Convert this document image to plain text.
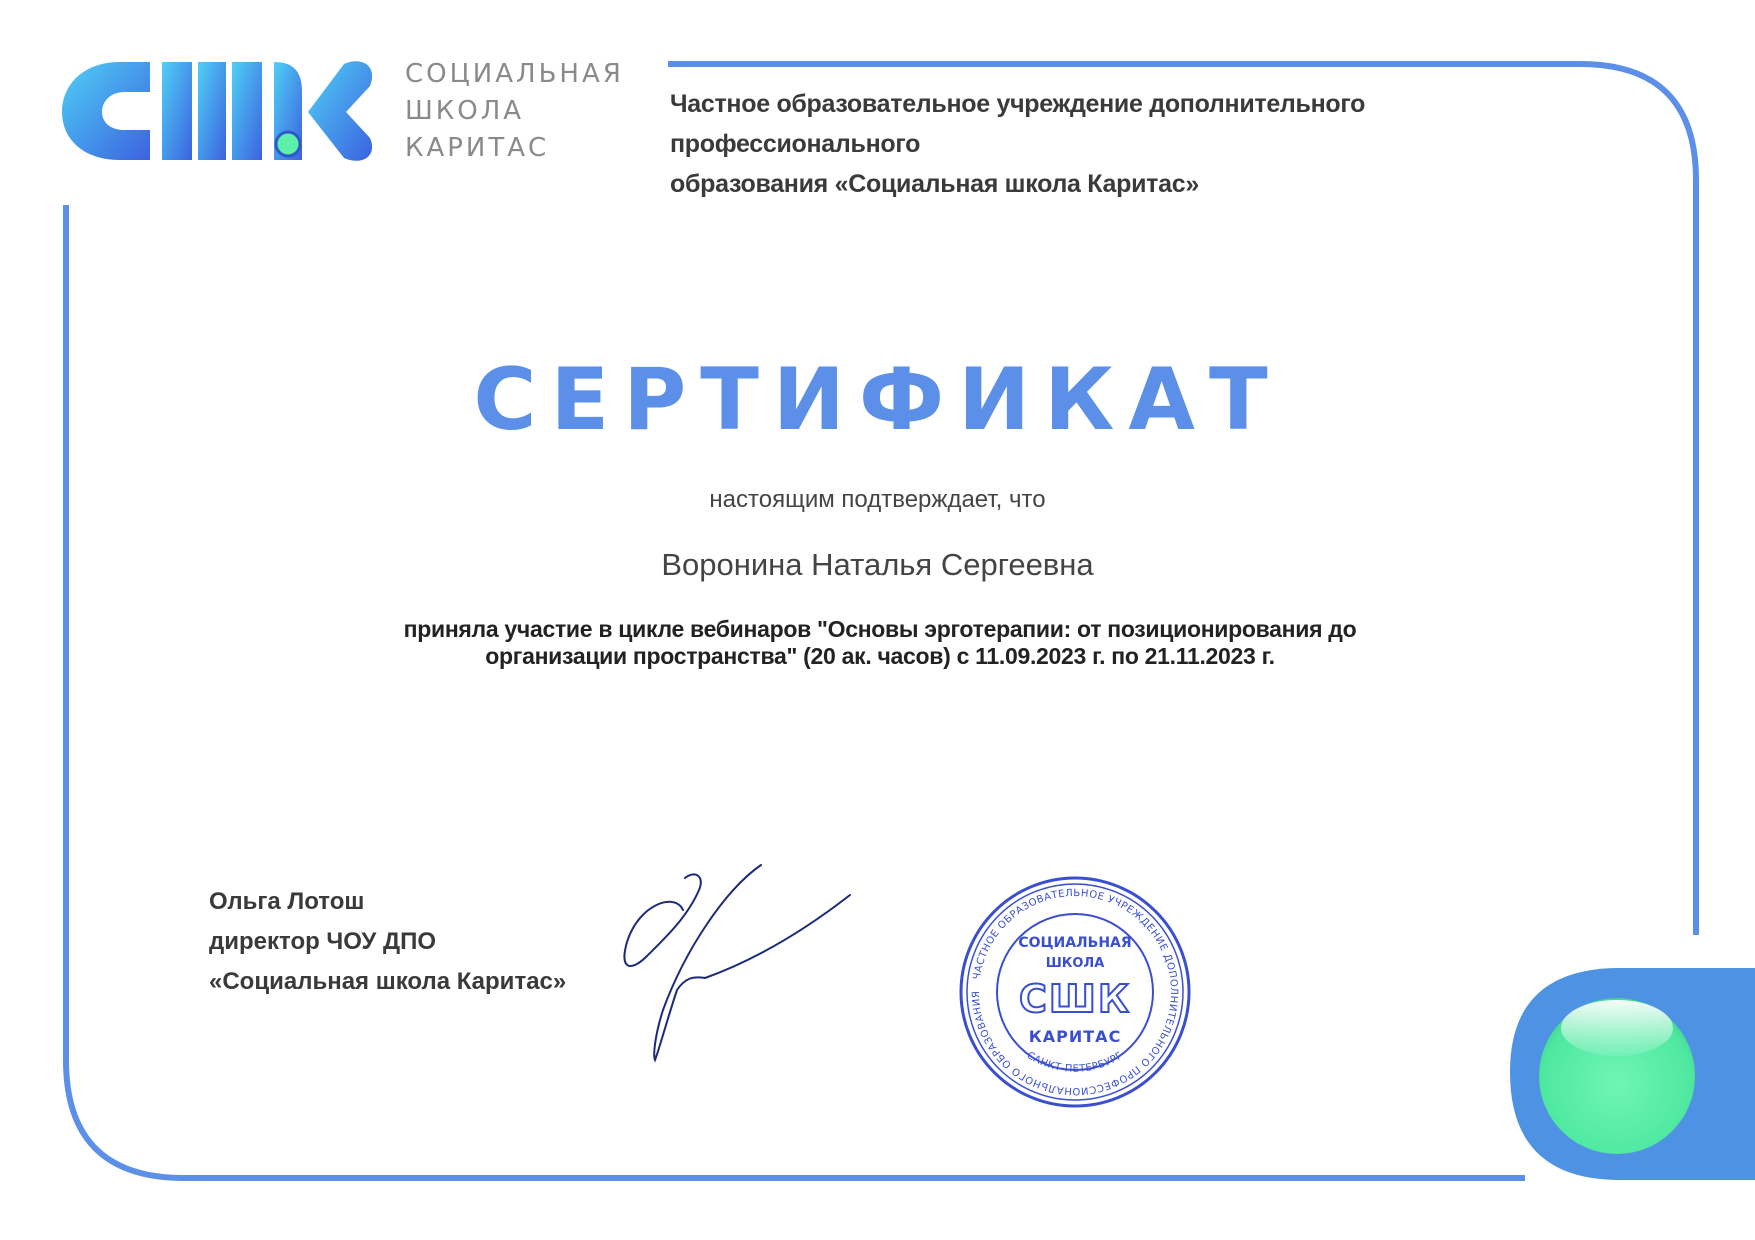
СОЦИАЛЬНАЯ
ШКОЛА
КАРИТАС
Частное образовательное учреждение дополнительного профессионального
образования «Социальная школа Каритас»
СЕРТИФИКАТ
настоящим подтверждает, что
Воронина Наталья Сергеевна
приняла участие в цикле вебинаров "Основы эрготерапии: от позиционирования до
организации пространства" (20 ак. часов) с 11.09.2023 г. по 21.11.2023 г.
Ольга Лотош
директор ЧОУ ДПО
«Социальная школа Каритас»	ЧАСТНОЕ ОБРАЗОВАТЕЛЬНОЕ УЧРЕЖДЕНИЕ ДОПОЛНИТЕЛЬНОГО ПРОФЕССИОНАЛЬНОГО ОБРАЗОВАНИЯ
САНКТ-ПЕТЕРБУРГ
СОЦИАЛЬНАЯ
ШКОЛА
СШК
КАРИТАС
